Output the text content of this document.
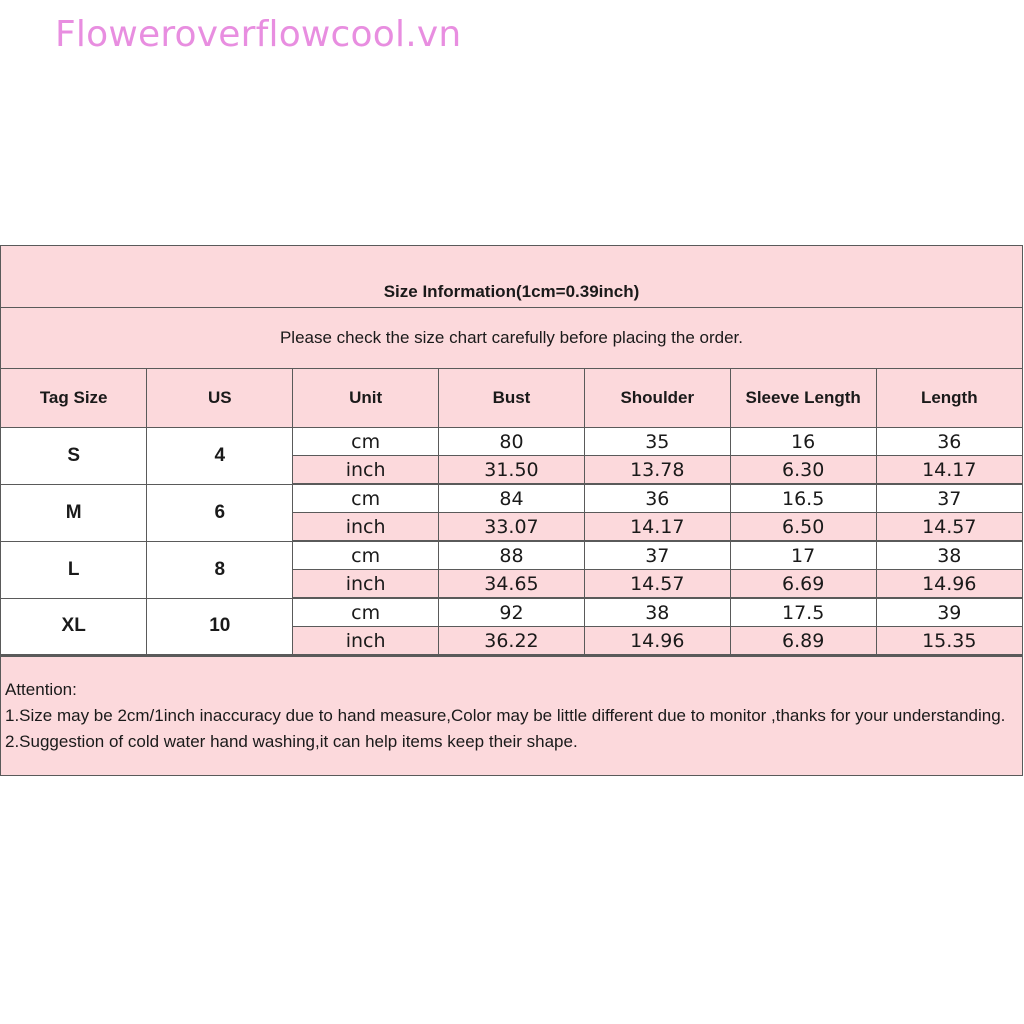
Floweroverflowcool.vn
Size Information(1cm=0.39inch)
Please check the size chart carefully before placing the order.
Tag Size	US	Unit	Bust	Shoulder	Sleeve Length	Length
S	4	cm	80	35	16	36
		inch	31.50	13.78	6.30	14.17
M	6	cm	84	36	16.5	37
		inch	33.07	14.17	6.50	14.57
L	8	cm	88	37	17	38
		inch	34.65	14.57	6.69	14.96
XL	10	cm	92	38	17.5	39
		inch	36.22	14.96	6.89	15.35
Attention:
1.Size may be 2cm/1inch inaccuracy due to hand measure,Color may be little different due to monitor ,thanks for your understanding.
2.Suggestion of cold water hand washing,it can help items keep their shape.
